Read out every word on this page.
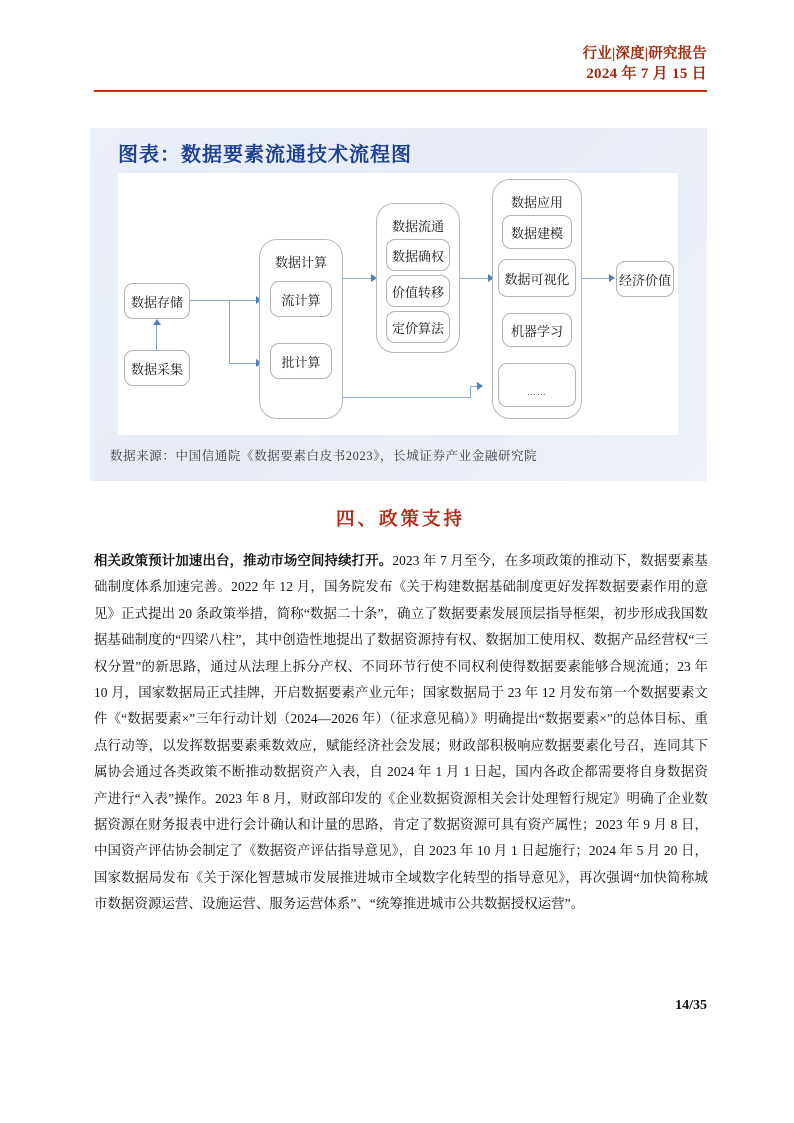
行业|深度|研究报告
2024 年 7 月 15 日
图表：数据要素流通技术流程图
数据存储
数据采集
数据计算
流计算
批计算
数据流通
数据确权
价值转移
定价算法
数据应用
数据建模
数据可视化
机器学习
……
经济价值
数据来源：中国信通院《数据要素白皮书2023》，长城证券产业金融研究院
四、政策支持
相关政策预计加速出台，推动市场空间持续打开。2023 年 7 月至今，在多项政策的推动下，数据要素基础制度体系加速完善。2022 年 12 月，国务院发布《关于构建数据基础制度更好发挥数据要素作用的意见》正式提出 20 条政策举措，简称“数据二十条”，确立了数据要素发展顶层指导框架，初步形成我国数据基础制度的“四梁八柱”，其中创造性地提出了数据资源持有权、数据加工使用权、数据产品经营权“三权分置”的新思路，通过从法理上拆分产权、不同环节行使不同权利使得数据要素能够合规流通；23 年 10 月，国家数据局正式挂牌，开启数据要素产业元年；国家数据局于 23 年 12 月发布第一个数据要素文件《“数据要素×”三年行动计划（2024—2026 年）（征求意见稿）》明确提出“数据要素×”的总体目标、重点行动等，以发挥数据要素乘数效应，赋能经济社会发展；财政部积极响应数据要素化号召，连同其下属协会通过各类政策不断推动数据资产入表，自 2024 年 1 月 1 日起，国内各政企都需要将自身数据资产进行“入表”操作。2023 年 8 月，财政部印发的《企业数据资源相关会计处理暂行规定》明确了企业数据资源在财务报表中进行会计确认和计量的思路，肯定了数据资源可具有资产属性；2023 年 9 月 8 日，中国资产评估协会制定了《数据资产评估指导意见》，自 2023 年 10 月 1 日起施行；2024 年 5 月 20 日，国家数据局发布《关于深化智慧城市发展推进城市全域数字化转型的指导意见》，再次强调“加快简称城市数据资源运营、设施运营、服务运营体系”、“统筹推进城市公共数据授权运营”。
14/35
